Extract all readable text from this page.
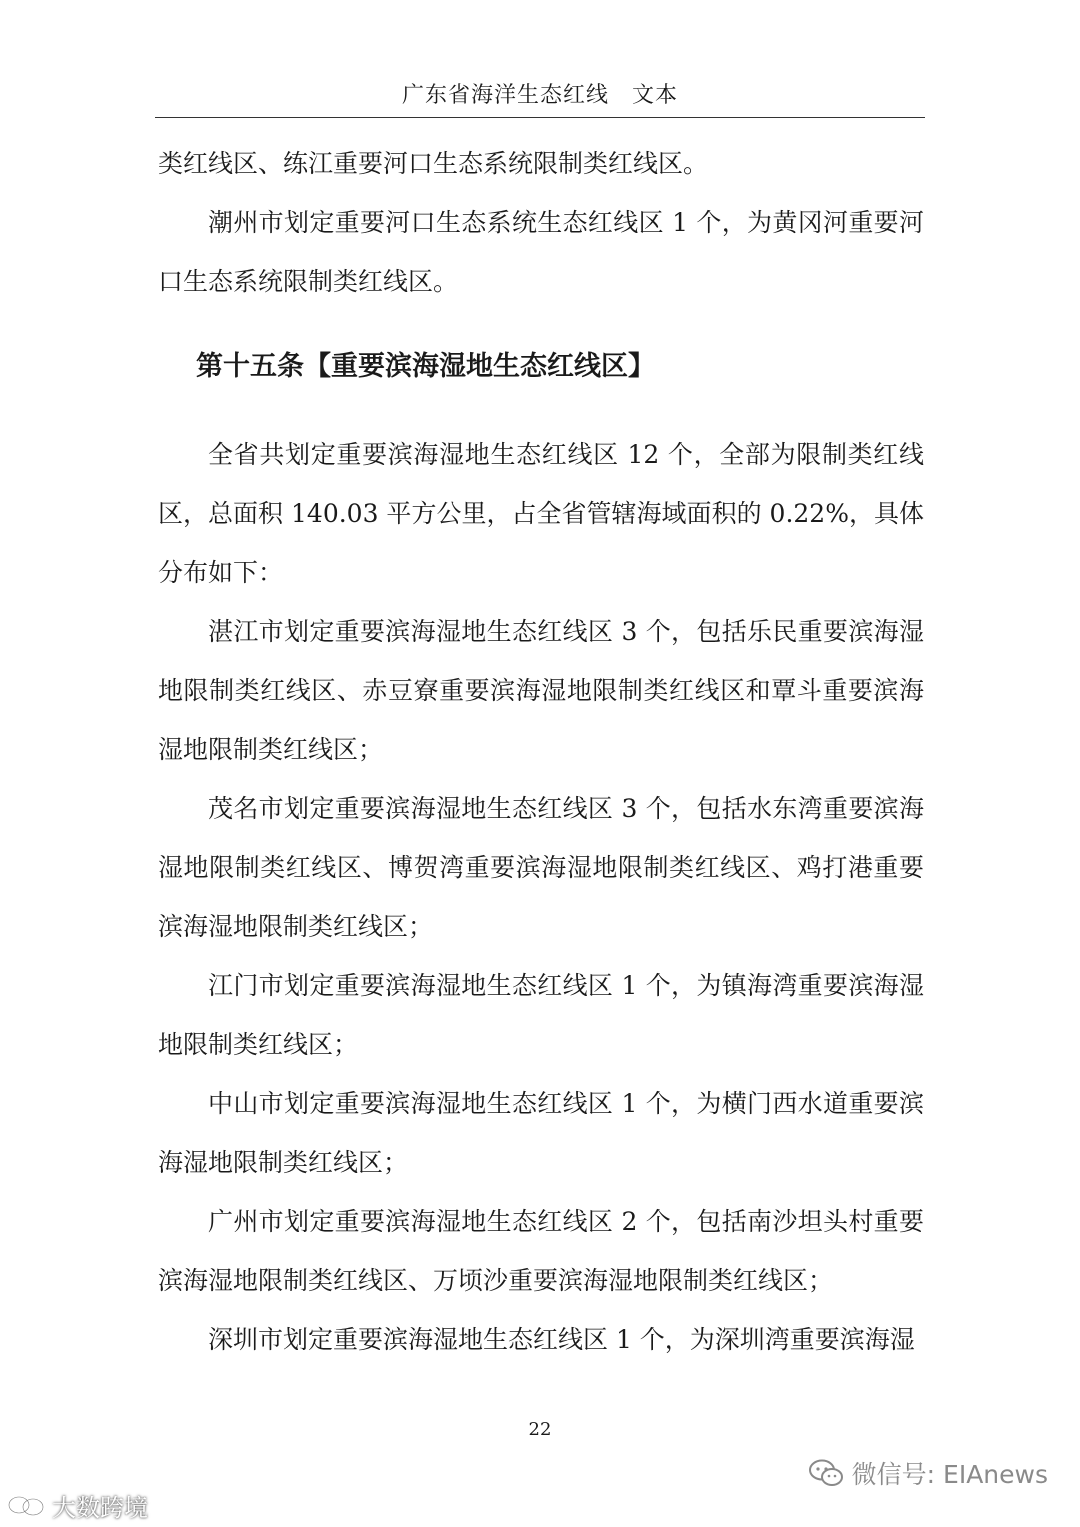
广东省海洋生态红线　文本

类红线区、练江重要河口生态系统限制类红线区。

潮州市划定重要河口生态系统生态红线区 1 个，为黄冈河重要河口生态系统限制类红线区。

第十五条【重要滨海湿地生态红线区】

全省共划定重要滨海湿地生态红线区 12 个，全部为限制类红线区，总面积 140.03 平方公里，占全省管辖海域面积的 0.22%，具体分布如下：

湛江市划定重要滨海湿地生态红线区 3 个，包括乐民重要滨海湿地限制类红线区、赤豆寮重要滨海湿地限制类红线区和覃斗重要滨海湿地限制类红线区；

茂名市划定重要滨海湿地生态红线区 3 个，包括水东湾重要滨海湿地限制类红线区、博贺湾重要滨海湿地限制类红线区、鸡打港重要滨海湿地限制类红线区；

江门市划定重要滨海湿地生态红线区 1 个，为镇海湾重要滨海湿地限制类红线区；

中山市划定重要滨海湿地生态红线区 1 个，为横门西水道重要滨海湿地限制类红线区；

广州市划定重要滨海湿地生态红线区 2 个，包括南沙坦头村重要滨海湿地限制类红线区、万顷沙重要滨海湿地限制类红线区；

深圳市划定重要滨海湿地生态红线区 1 个，为深圳湾重要滨海湿

22
大数跨境
微信号: EIAnews
